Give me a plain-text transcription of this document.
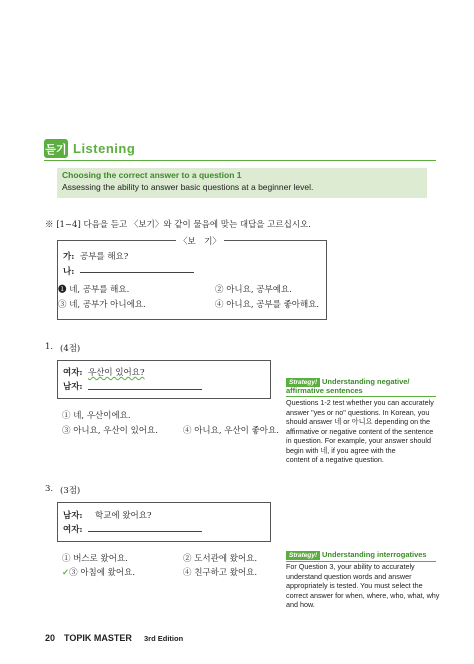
듣기 Listening
Choosing the correct answer to a question 1
Assessing the ability to answer basic questions at a beginner level.
※ [1~4] 다음을 듣고 〈보기〉와 같이 물음에 맞는 대답을 고르십시오.
〈보　기〉
가: 공부를 해요?
나:
❶ 네, 공부를 해요.	② 아니요, 공부예요.
③ 네, 공부가 아니에요.	④ 아니요, 공부를 좋아해요.
1. (4점)
여자: 우산이 있어요?
남자:
① 네, 우산이에요.
③ 아니요, 우산이 있어요.	④ 아니요, 우산이 좋아요.
Strategy! Understanding negative/
affirmative sentences
Questions 1-2 test whether you can accurately
answer "yes or no" questions. In Korean, you
should answer 네 or 아니요 depending on the
affirmative or negative content of the sentence
in question. For example, your answer should
begin with 네, if you agree with the
content of a negative question.
3. (3점)
남자: 학교에 왔어요?
여자:
① 버스로 왔어요.	② 도서관에 왔어요.
✓③ 아침에 왔어요.	④ 친구하고 왔어요.
Strategy! Understanding interrogatives
For Question 3, your ability to accurately
understand question words and answer
appropriately is tested. You must select the
correct answer for when, where, who, what, why
and how.
20 TOPIK MASTER 3rd Edition
